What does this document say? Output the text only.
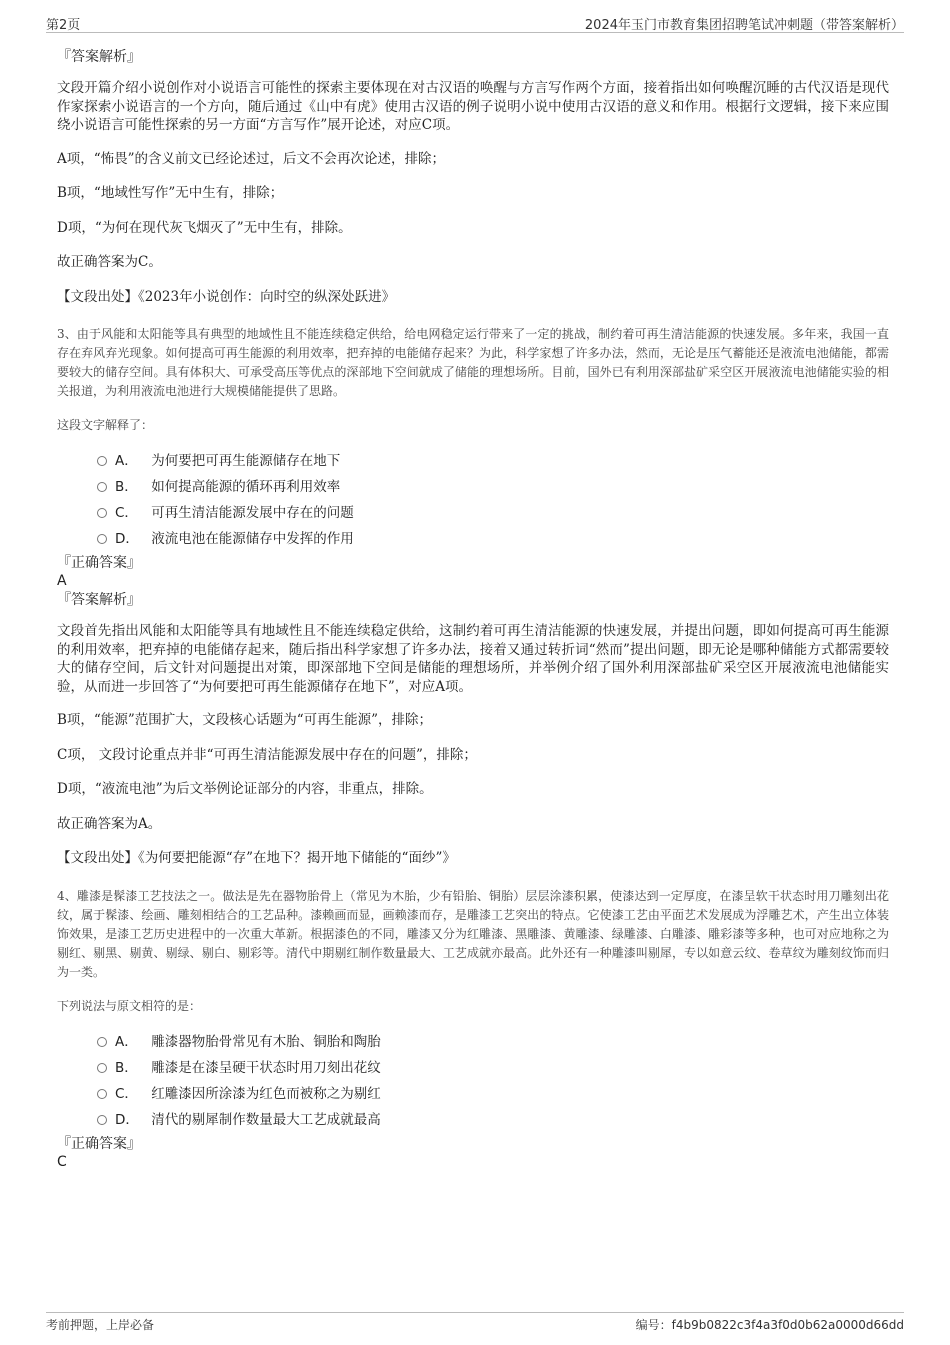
第2页	2024年玉门市教育集团招聘笔试冲刺题（带答案解析）

『答案解析』

文段开篇介绍小说创作对小说语言可能性的探索主要体现在对古汉语的唤醒与方言写作两个方面，接着指出如何唤醒沉睡的古代汉语是现代作家探索小说语言的一个方向，随后通过《山中有虎》使用古汉语的例子说明小说中使用古汉语的意义和作用。根据行文逻辑，接下来应围绕小说语言可能性探索的另一方面“方言写作”展开论述，对应C项。

A项，“怖畏”的含义前文已经论述过，后文不会再次论述，排除；

B项，“地域性写作”无中生有，排除；

D项，“为何在现代灰飞烟灭了”无中生有，排除。

故正确答案为C。

【文段出处】《2023年小说创作：向时空的纵深处跃进》

3、由于风能和太阳能等具有典型的地域性且不能连续稳定供给，给电网稳定运行带来了一定的挑战，制约着可再生清洁能源的快速发展。多年来，我国一直存在弃风弃光现象。如何提高可再生能源的利用效率，把弃掉的电能储存起来？为此，科学家想了许多办法，然而，无论是压气蓄能还是液流电池储能，都需要较大的储存空间。具有体积大、可承受高压等优点的深部地下空间就成了储能的理想场所。目前，国外已有利用深部盐矿采空区开展液流电池储能实验的相关报道，为利用液流电池进行大规模储能提供了思路。

这段文字解释了：

A． 为何要把可再生能源储存在地下
B． 如何提高能源的循环再利用效率
C． 可再生清洁能源发展中存在的问题
D． 液流电池在能源储存中发挥的作用

『正确答案』

A

『答案解析』

文段首先指出风能和太阳能等具有地域性且不能连续稳定供给，这制约着可再生清洁能源的快速发展，并提出问题，即如何提高可再生能源的利用效率，把弃掉的电能储存起来，随后指出科学家想了许多办法，接着又通过转折词“然而”提出问题，即无论是哪种储能方式都需要较大的储存空间，后文针对问题提出对策，即深部地下空间是储能的理想场所，并举例介绍了国外利用深部盐矿采空区开展液流电池储能实验，从而进一步回答了“为何要把可再生能源储存在地下”，对应A项。

B项，“能源”范围扩大，文段核心话题为“可再生能源”，排除；

C项， 文段讨论重点并非“可再生清洁能源发展中存在的问题”，排除；

D项，“液流电池”为后文举例论证部分的内容，非重点，排除。

故正确答案为A。

【文段出处】《为何要把能源“存”在地下？揭开地下储能的“面纱”》

4、雕漆是髹漆工艺技法之一。做法是先在器物胎骨上（常见为木胎，少有铅胎、铜胎）层层涂漆积累，使漆达到一定厚度，在漆呈软干状态时用刀雕刻出花纹，属于髹漆、绘画、雕刻相结合的工艺品种。漆赖画而显，画赖漆而存，是雕漆工艺突出的特点。它使漆工艺由平面艺术发展成为浮雕艺术，产生出立体装饰效果，是漆工艺历史进程中的一次重大革新。根据漆色的不同，雕漆又分为红雕漆、黑雕漆、黄雕漆、绿雕漆、白雕漆、雕彩漆等多种，也可对应地称之为剔红、剔黑、剔黄、剔绿、剔白、剔彩等。清代中期剔红制作数量最大、工艺成就亦最高。此外还有一种雕漆叫剔犀，专以如意云纹、卷草纹为雕刻纹饰而归为一类。

下列说法与原文相符的是：

A． 雕漆器物胎骨常见有木胎、铜胎和陶胎
B． 雕漆是在漆呈硬干状态时用刀刻出花纹
C． 红雕漆因所涂漆为红色而被称之为剔红
D． 清代的剔犀制作数量最大工艺成就最高

『正确答案』

C

考前押题，上岸必备	编号：f4b9b0822c3f4a3f0d0b62a0000d66dd
